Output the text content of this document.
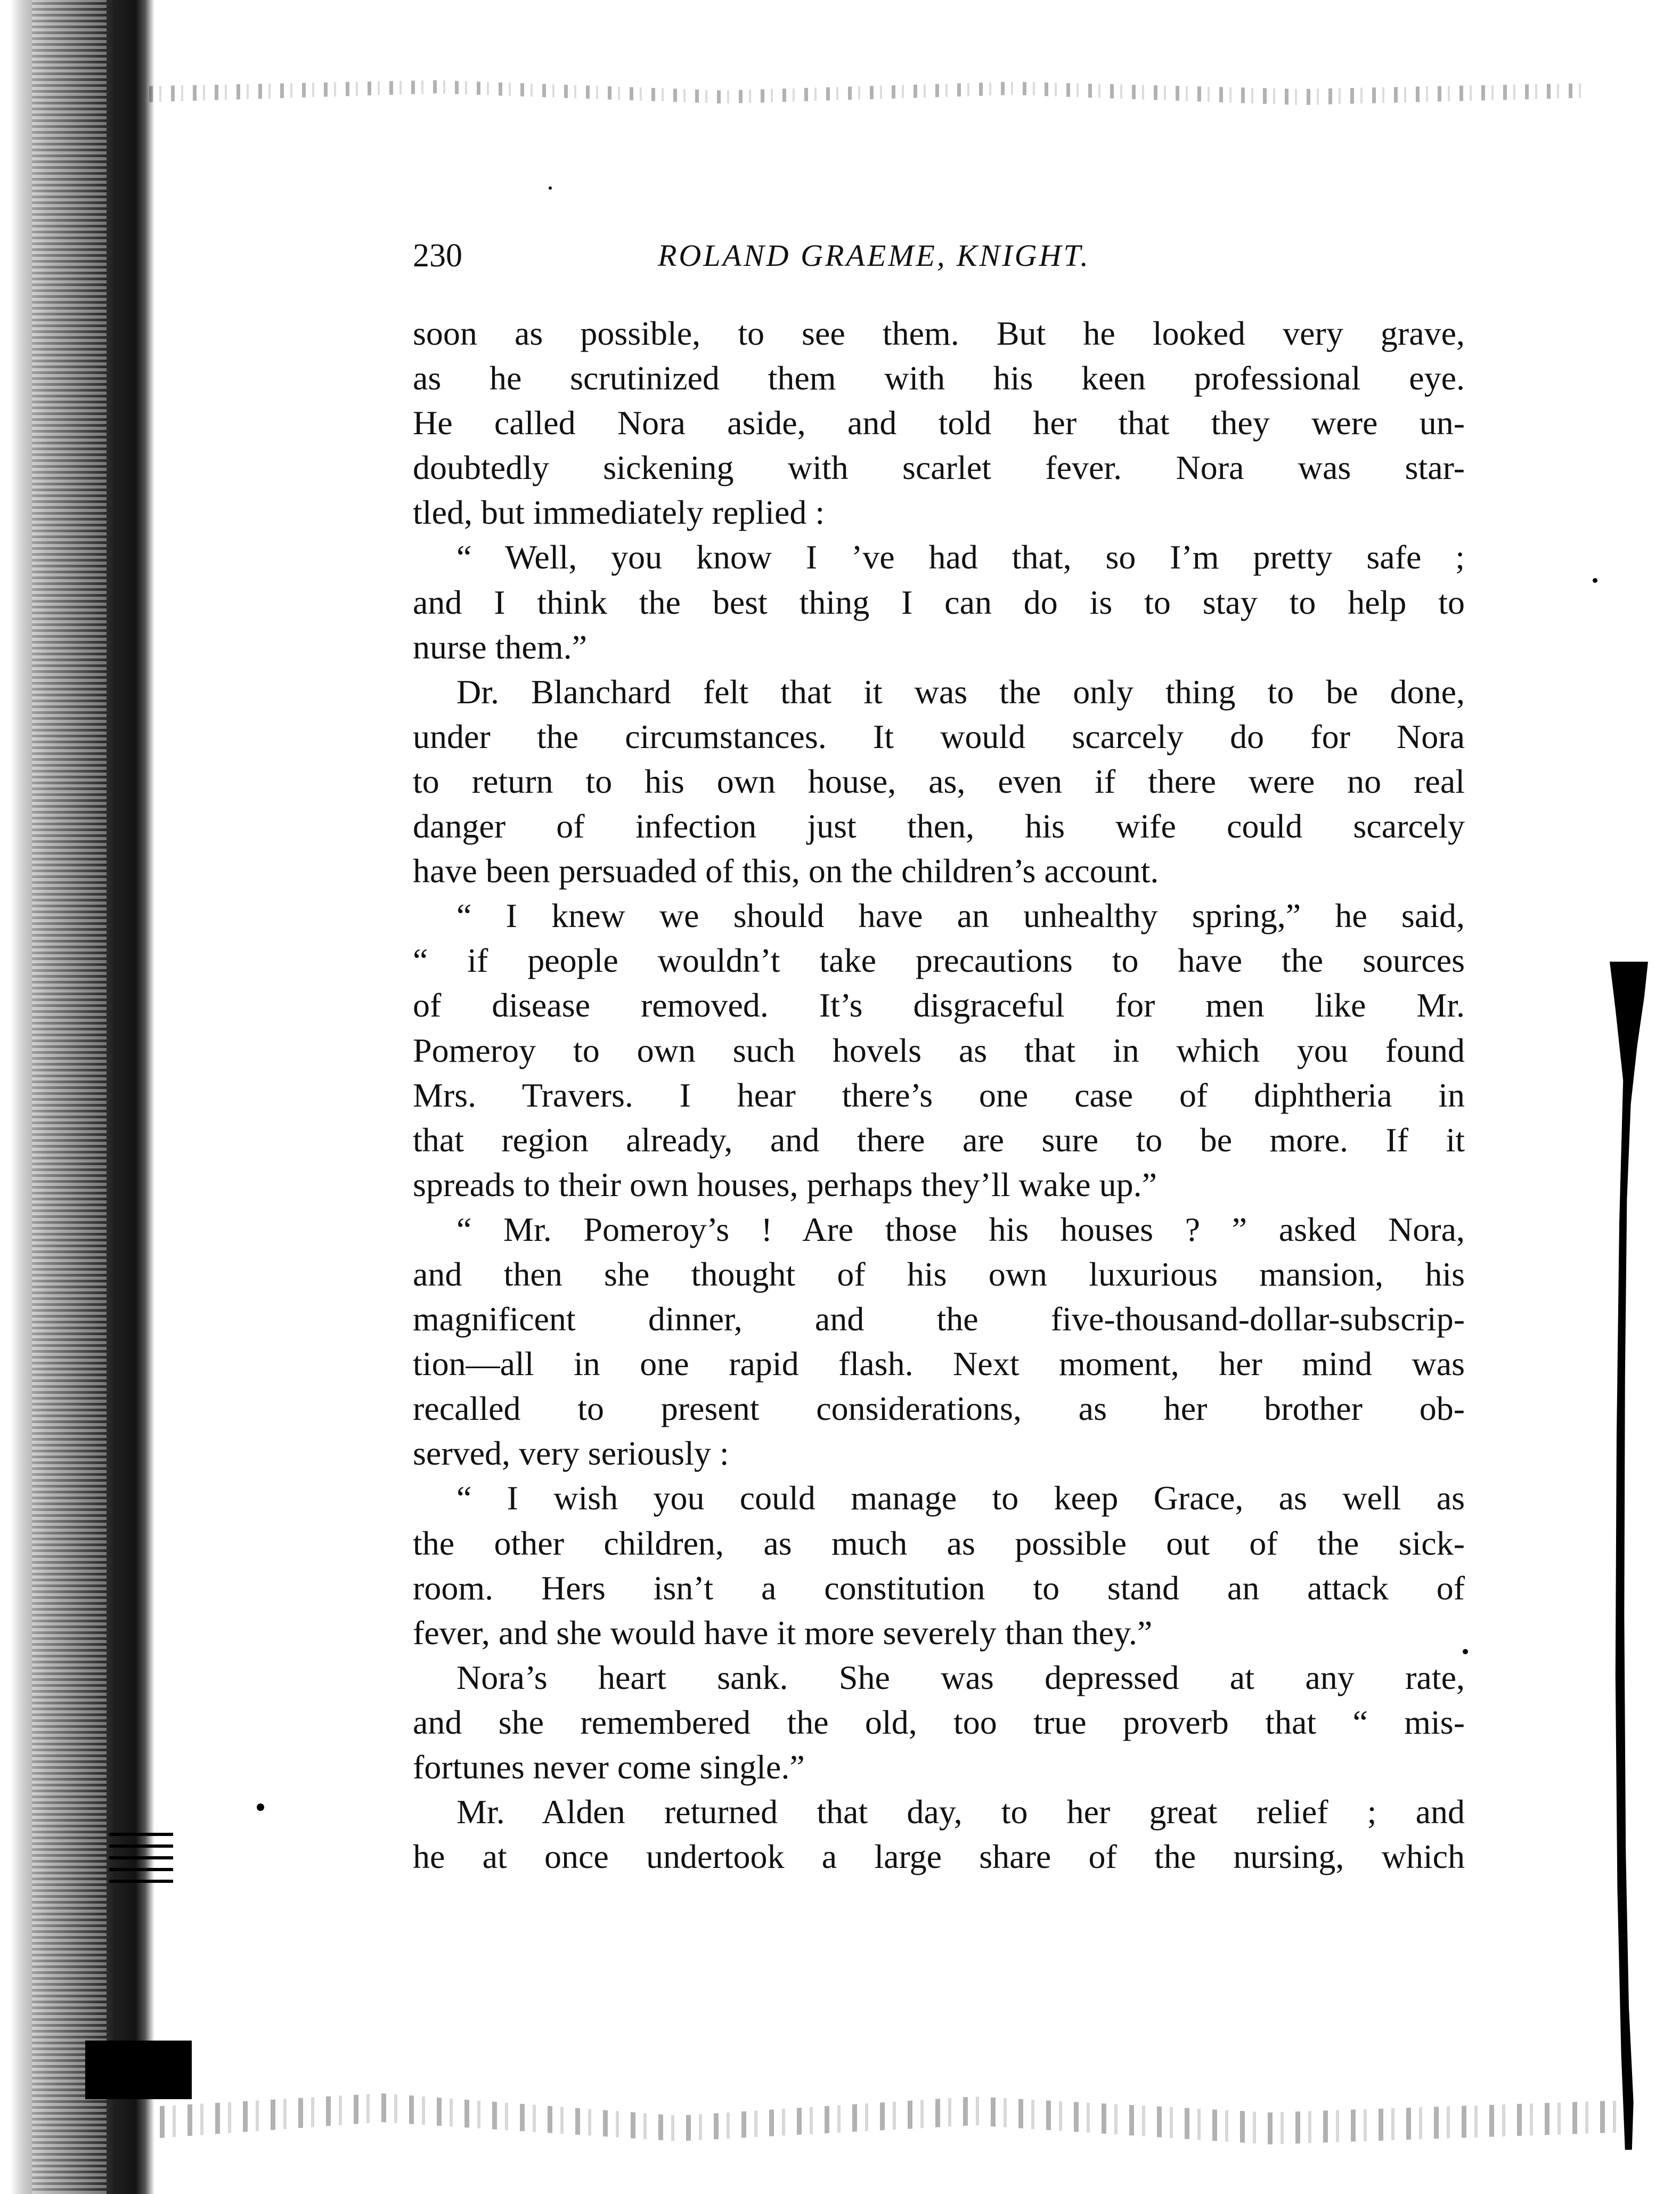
230	ROLAND GRAEME, KNIGHT.
soon as possible, to see them. But he looked very grave,
as he scrutinized them with his keen professional eye.
He called Nora aside, and told her that they were un-
doubtedly sickening with scarlet fever. Nora was star-
tled, but immediately replied :
“ Well, you know I ’ve had that, so I’m pretty safe ;
and I think the best thing I can do is to stay to help to
nurse them.”
Dr. Blanchard felt that it was the only thing to be done,
under the circumstances. It would scarcely do for Nora
to return to his own house, as, even if there were no real
danger of infection just then, his wife could scarcely
have been persuaded of this, on the children’s account.
“ I knew we should have an unhealthy spring,” he said,
“ if people wouldn’t take precautions to have the sources
of disease removed. It’s disgraceful for men like Mr.
Pomeroy to own such hovels as that in which you found
Mrs. Travers. I hear there’s one case of diphtheria in
that region already, and there are sure to be more. If it
spreads to their own houses, perhaps they’ll wake up.”
“ Mr. Pomeroy’s ! Are those his houses ? ” asked Nora,
and then she thought of his own luxurious mansion, his
magnificent dinner, and the five-thousand-dollar-subscrip-
tion—all in one rapid flash. Next moment, her mind was
recalled to present considerations, as her brother ob-
served, very seriously :
“ I wish you could manage to keep Grace, as well as
the other children, as much as possible out of the sick-
room. Hers isn’t a constitution to stand an attack of
fever, and she would have it more severely than they.”
Nora’s heart sank. She was depressed at any rate,
and she remembered the old, too true proverb that “ mis-
fortunes never come single.”
Mr. Alden returned that day, to her great relief ; and
he at once undertook a large share of the nursing, which
